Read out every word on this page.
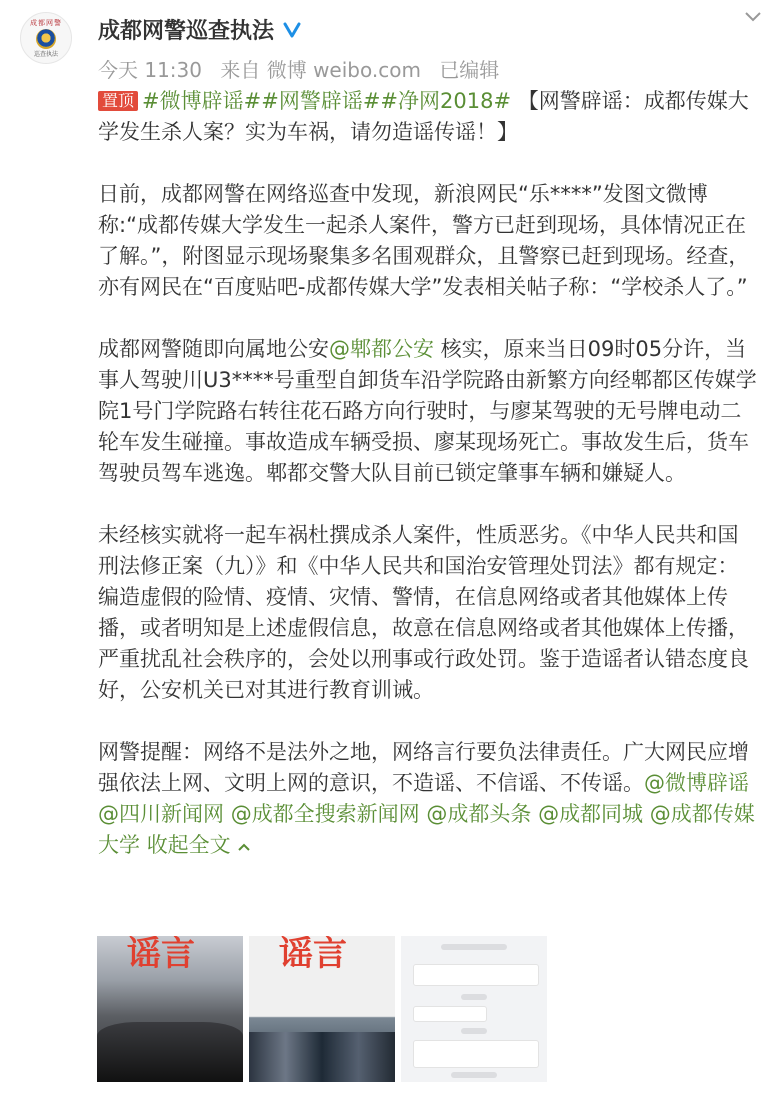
成都网警
巡查执法
成都网警巡查执法
今天 11:30 来自 微博 weibo.com 已编辑

置顶 #微博辟谣##网警辟谣##净网2018# 【网警辟谣：成都传媒大学发生杀人案？实为车祸，请勿造谣传谣！】

日前，成都网警在网络巡查中发现，新浪网民“乐****”发图文微博称:“成都传媒大学发生一起杀人案件，警方已赶到现场，具体情况正在了解。”，附图显示现场聚集多名围观群众，且警察已赶到现场。经查，亦有网民在“百度贴吧-成都传媒大学”发表相关帖子称：“学校杀人了。”

成都网警随即向属地公安@郫都公安 核实，原来当日09时05分许，当事人驾驶川U3****号重型自卸货车沿学院路由新繁方向经郫都区传媒学院1号门学院路右转往花石路方向行驶时，与廖某驾驶的无号牌电动二轮车发生碰撞。事故造成车辆受损、廖某现场死亡。事故发生后，货车驾驶员驾车逃逸。郫都交警大队目前已锁定肇事车辆和嫌疑人。

未经核实就将一起车祸杜撰成杀人案件，性质恶劣。《中华人民共和国刑法修正案（九）》和《中华人民共和国治安管理处罚法》都有规定：编造虚假的险情、疫情、灾情、警情，在信息网络或者其他媒体上传播，或者明知是上述虚假信息，故意在信息网络或者其他媒体上传播，严重扰乱社会秩序的，会处以刑事或行政处罚。鉴于造谣者认错态度良好，公安机关已对其进行教育训诫。

网警提醒：网络不是法外之地，网络言行要负法律责任。广大网民应增强依法上网、文明上网的意识，不造谣、不信谣、不传谣。@微博辟谣 @四川新闻网 @成都全搜索新闻网 @成都头条 @成都同城 @成都传媒大学 收起全文

谣言 谣言
